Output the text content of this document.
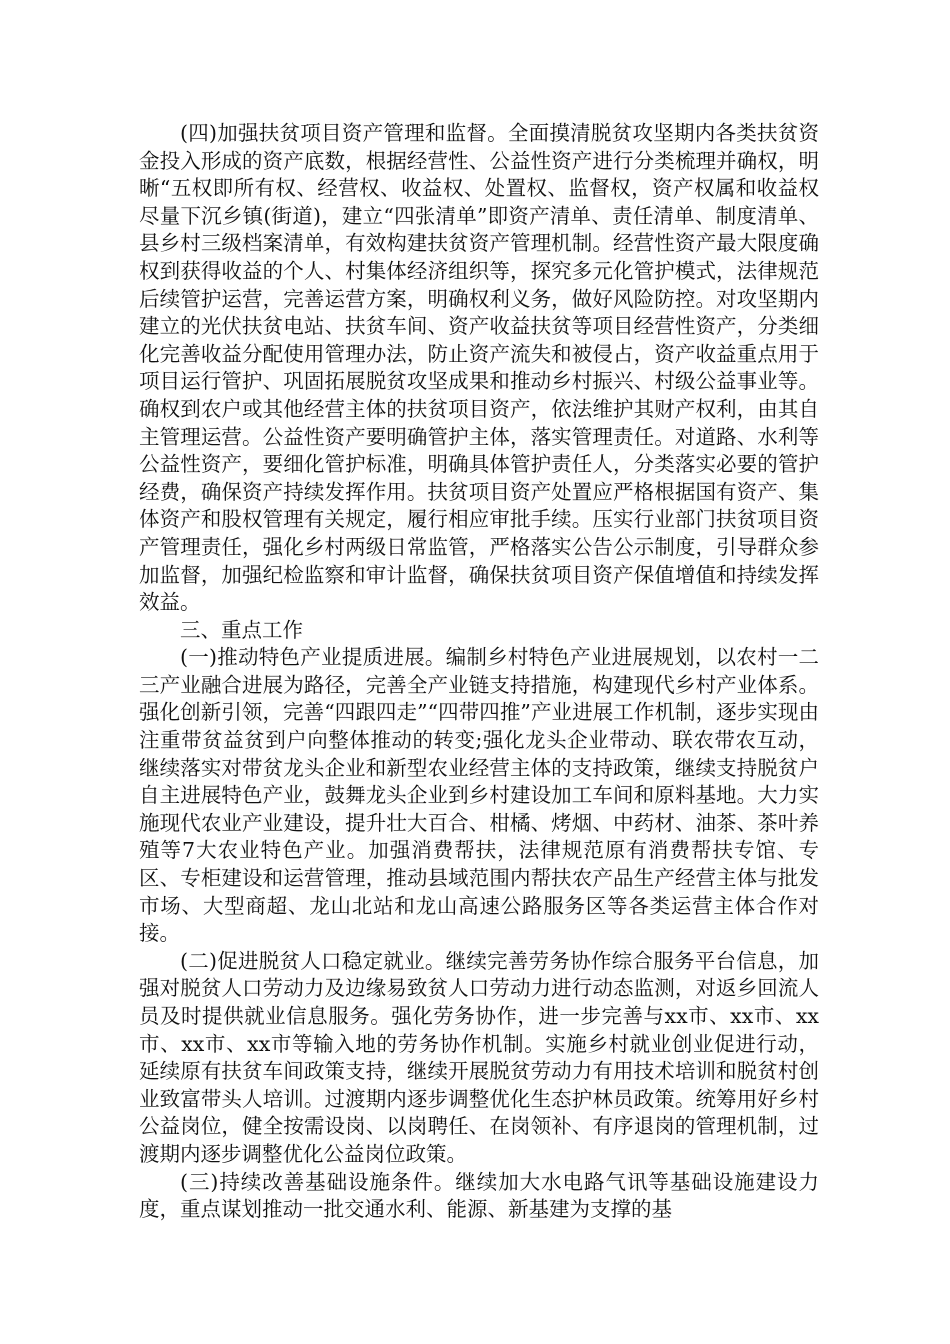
(四)加强扶贫项目资产管理和监督。全面摸清脱贫攻坚期内各类扶贫资金投入形成的资产底数，根据经营性、公益性资产进行分类梳理并确权，明晰“五权即所有权、经营权、收益权、处置权、监督权，资产权属和收益权尽量下沉乡镇(街道)，建立“四张清单”即资产清单、责任清单、制度清单、县乡村三级档案清单，有效构建扶贫资产管理机制。经营性资产最大限度确权到获得收益的个人、村集体经济组织等，探究多元化管护模式，法律规范后续管护运营，完善运营方案，明确权利义务，做好风险防控。对攻坚期内建立的光伏扶贫电站、扶贫车间、资产收益扶贫等项目经营性资产，分类细化完善收益分配使用管理办法，防止资产流失和被侵占，资产收益重点用于项目运行管护、巩固拓展脱贫攻坚成果和推动乡村振兴、村级公益事业等。确权到农户或其他经营主体的扶贫项目资产，依法维护其财产权利，由其自主管理运营。公益性资产要明确管护主体，落实管理责任。对道路、水利等公益性资产，要细化管护标准，明确具体管护责任人，分类落实必要的管护经费，确保资产持续发挥作用。扶贫项目资产处置应严格根据国有资产、集体资产和股权管理有关规定，履行相应审批手续。压实行业部门扶贫项目资产管理责任，强化乡村两级日常监管，严格落实公告公示制度，引导群众参加监督，加强纪检监察和审计监督，确保扶贫项目资产保值增值和持续发挥效益。

三、重点工作

(一)推动特色产业提质进展。编制乡村特色产业进展规划，以农村一二三产业融合进展为路径，完善全产业链支持措施，构建现代乡村产业体系。强化创新引领，完善“四跟四走”“四带四推”产业进展工作机制，逐步实现由注重带贫益贫到户向整体推动的转变;强化龙头企业带动、联农带农互动，继续落实对带贫龙头企业和新型农业经营主体的支持政策，继续支持脱贫户自主进展特色产业，鼓舞龙头企业到乡村建设加工车间和原料基地。大力实施现代农业产业建设，提升壮大百合、柑橘、烤烟、中药材、油茶、茶叶养殖等7大农业特色产业。加强消费帮扶，法律规范原有消费帮扶专馆、专区、专柜建设和运营管理，推动县域范围内帮扶农产品生产经营主体与批发市场、大型商超、龙山北站和龙山高速公路服务区等各类运营主体合作对接。

(二)促进脱贫人口稳定就业。继续完善劳务协作综合服务平台信息，加强对脱贫人口劳动力及边缘易致贫人口劳动力进行动态监测，对返乡回流人员及时提供就业信息服务。强化劳务协作，进一步完善与xx市、xx市、xx市、xx市、xx市等输入地的劳务协作机制。实施乡村就业创业促进行动，延续原有扶贫车间政策支持，继续开展脱贫劳动力有用技术培训和脱贫村创业致富带头人培训。过渡期内逐步调整优化生态护林员政策。统筹用好乡村公益岗位，健全按需设岗、以岗聘任、在岗领补、有序退岗的管理机制，过渡期内逐步调整优化公益岗位政策。

(三)持续改善基础设施条件。继续加大水电路气讯等基础设施建设力度，重点谋划推动一批交通水利、能源、新基建为支撑的基
